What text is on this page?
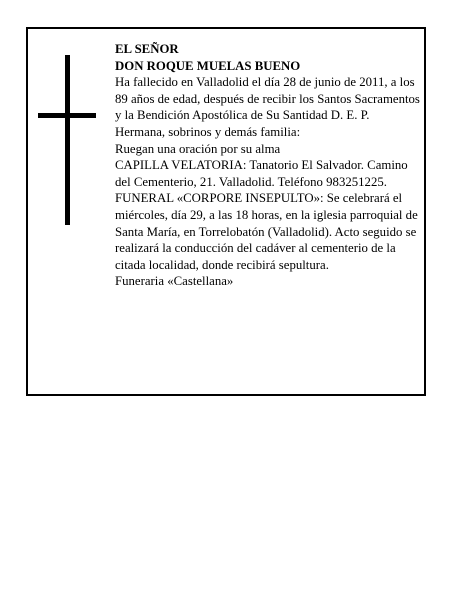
EL SEÑOR

DON ROQUE MUELAS BUENO

Ha fallecido en Valladolid el día 28 de junio de 2011, a los 89 años de edad, después de recibir los Santos Sacramentos y la Bendición Apostólica de Su Santidad D. E. P.

Hermana, sobrinos y demás familia:

Ruegan una oración por su alma

CAPILLA VELATORIA: Tanatorio El Salvador. Camino del Cementerio, 21. Valladolid. Teléfono 983251225.

FUNERAL «CORPORE INSEPULTO»: Se celebrará el miércoles, día 29, a las 18 horas, en la iglesia parroquial de Santa María, en Torrelobatón (Valladolid). Acto seguido se realizará la conducción del cadáver al cementerio de la citada localidad, donde recibirá sepultura.

Funeraria «Castellana»
